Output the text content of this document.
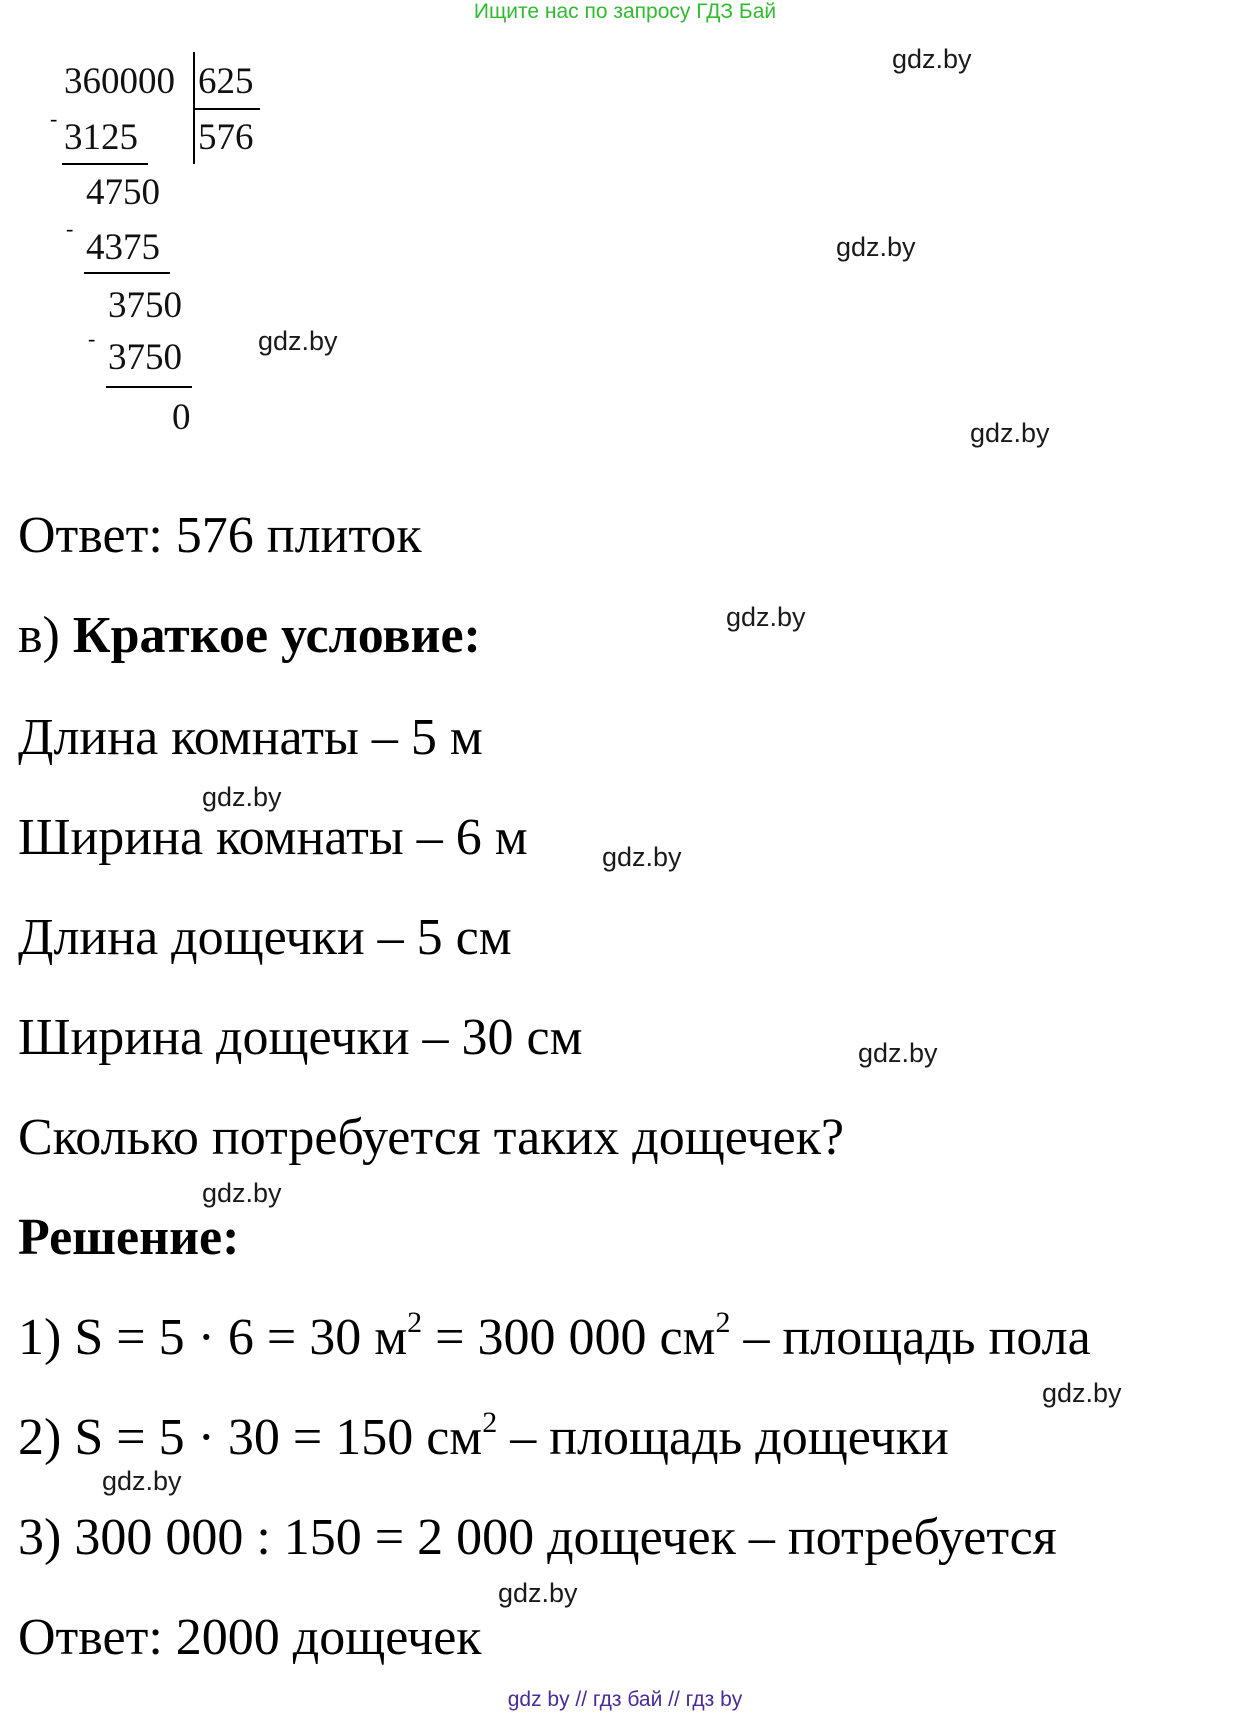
Ищите нас по запросу ГДЗ Бай
360000 625
576
- 3125
4750
- 4375
3750
- 3750
0
gdz.by
gdz.by
gdz.by
gdz.by
gdz.by
gdz.by
gdz.by
gdz.by
gdz.by
gdz.by
gdz.by
gdz.by
Ответ: 576 плиток
в) Краткое условие:
Длина комнаты – 5 м
Ширина комнаты – 6 м
Длина дощечки – 5 см
Ширина дощечки – 30 см
Сколько потребуется таких дощечек?
Решение:
1) S = 5 · 6 = 30 $м^2 = 300$ 000 $см^2$ – площадь пола
2) S = 5 · 30 = 150 $см^2$ – площадь дощечки
3) 300 000 : 150 = 2 000 дощечек – потребуется
Ответ: 2000 дощечек
gdz by // гдз бай // гдз by
